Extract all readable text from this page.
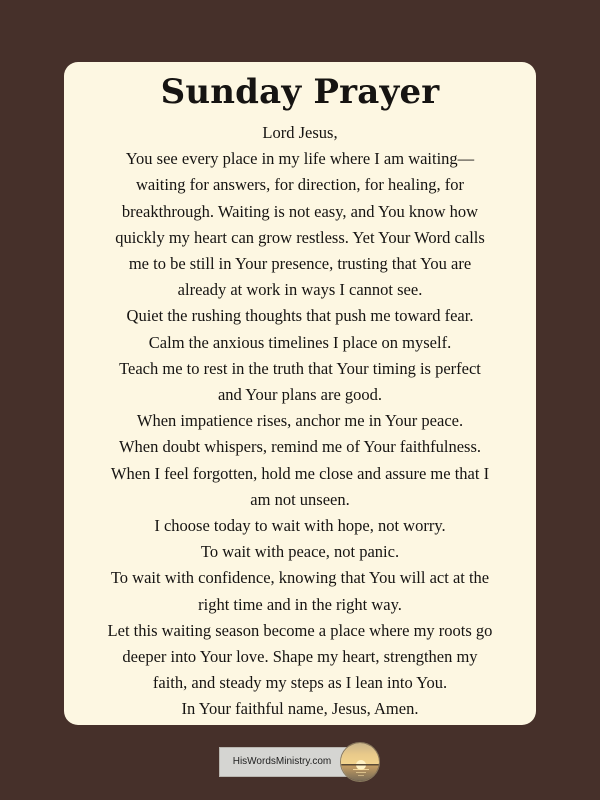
Sunday Prayer
Lord Jesus,
You see every place in my life where I am waiting—
waiting for answers, for direction, for healing, for
breakthrough. Waiting is not easy, and You know how
quickly my heart can grow restless. Yet Your Word calls
me to be still in Your presence, trusting that You are
already at work in ways I cannot see.
Quiet the rushing thoughts that push me toward fear.
Calm the anxious timelines I place on myself.
Teach me to rest in the truth that Your timing is perfect
and Your plans are good.
When impatience rises, anchor me in Your peace.
When doubt whispers, remind me of Your faithfulness.
When I feel forgotten, hold me close and assure me that I
am not unseen.
I choose today to wait with hope, not worry.
To wait with peace, not panic.
To wait with confidence, knowing that You will act at the
right time and in the right way.
Let this waiting season become a place where my roots go
deeper into Your love. Shape my heart, strengthen my
faith, and steady my steps as I lean into You.
In Your faithful name, Jesus, Amen.
HisWordsMinistry.com
